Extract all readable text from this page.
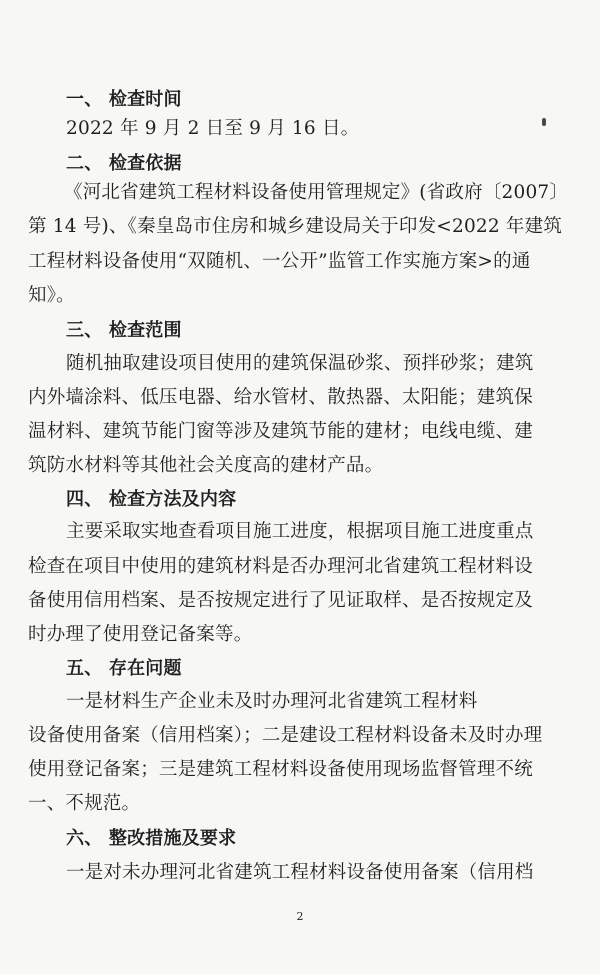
一、 检查时间
2022 年 9 月 2 日至 9 月 16 日。
二、 检查依据
《河北省建筑工程材料设备使用管理规定》(省政府〔2007〕
第 14 号)、《秦皇岛市住房和城乡建设局关于印发<2022 年建筑
工程材料设备使用“双随机、一公开”监管工作实施方案>的通
知》。
三、 检查范围
随机抽取建设项目使用的建筑保温砂浆、预拌砂浆；建筑
内外墙涂料、低压电器、给水管材、散热器、太阳能；建筑保
温材料、建筑节能门窗等涉及建筑节能的建材；电线电缆、建
筑防水材料等其他社会关度高的建材产品。
四、 检查方法及内容
主要采取实地查看项目施工进度，根据项目施工进度重点
检查在项目中使用的建筑材料是否办理河北省建筑工程材料设
备使用信用档案、是否按规定进行了见证取样、是否按规定及
时办理了使用登记备案等。
五、 存在问题
一是材料生产企业未及时办理河北省建筑工程材料
设备使用备案（信用档案）；二是建设工程材料设备未及时办理
使用登记备案；三是建筑工程材料设备使用现场监督管理不统
一、不规范。
六、 整改措施及要求
一是对未办理河北省建筑工程材料设备使用备案（信用档
2
